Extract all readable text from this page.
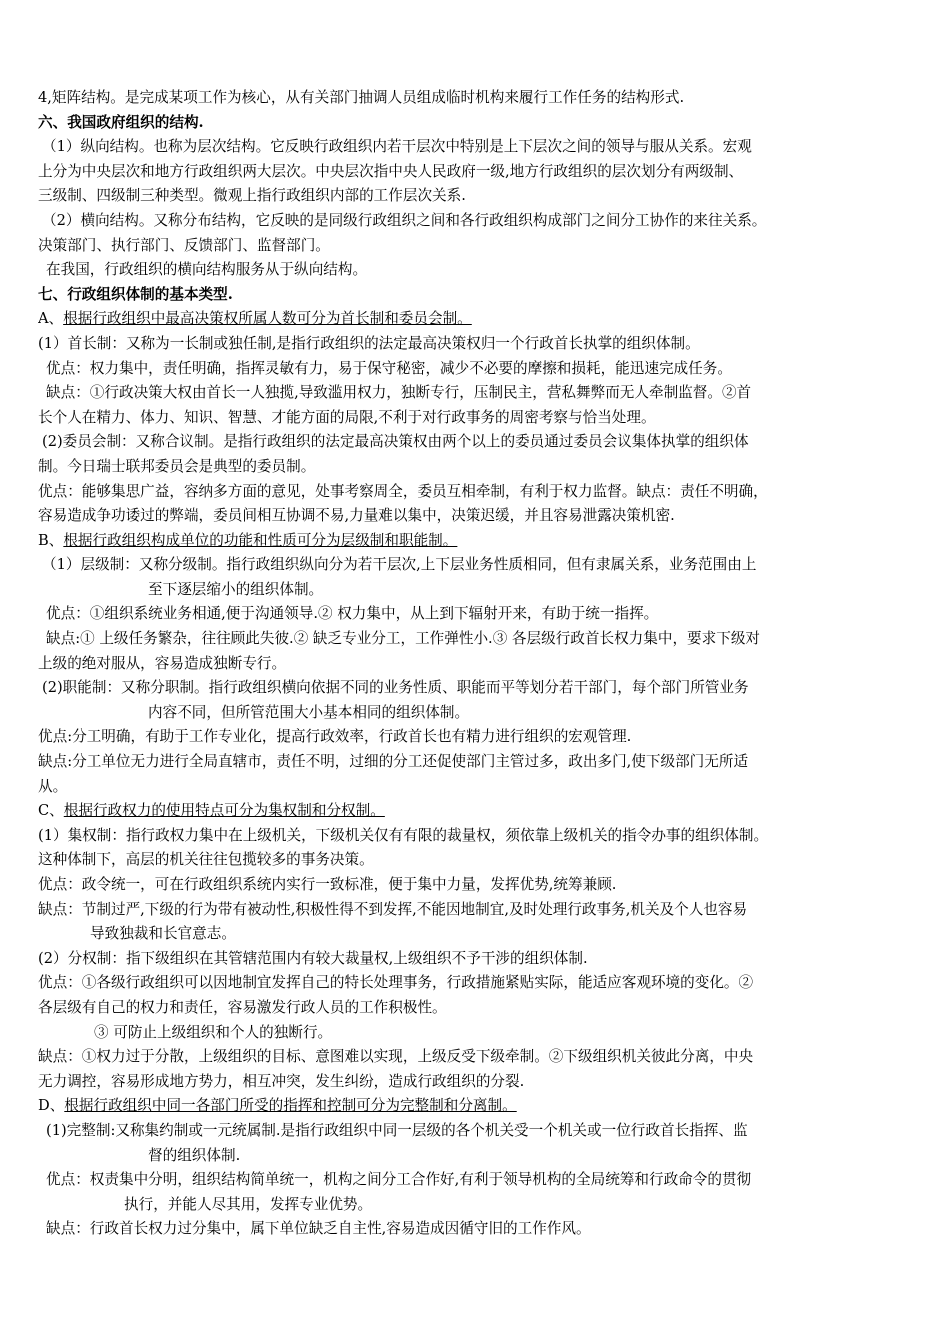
4,矩阵结构。是完成某项工作为核心，从有关部门抽调人员组成临时机构来履行工作任务的结构形式.
六、我国政府组织的结构.
（1）纵向结构。也称为层次结构。它反映行政组织内若干层次中特别是上下层次之间的领导与服从关系。宏观
上分为中央层次和地方行政组织两大层次。中央层次指中央人民政府一级,地方行政组织的层次划分有两级制、
三级制、四级制三种类型。微观上指行政组织内部的工作层次关系.
（2）横向结构。又称分布结构，它反映的是同级行政组织之间和各行政组织构成部门之间分工协作的来往关系。
决策部门、执行部门、反馈部门、监督部门。
在我国，行政组织的横向结构服务从于纵向结构。
七、行政组织体制的基本类型.
A、根据行政组织中最高决策权所属人数可分为首长制和委员会制。
(1）首长制：又称为一长制或独任制,是指行政组织的法定最高决策权归一个行政首长执掌的组织体制。
优点：权力集中，责任明确，指挥灵敏有力，易于保守秘密，减少不必要的摩擦和损耗，能迅速完成任务。
缺点：①行政决策大权由首长一人独揽,导致滥用权力，独断专行，压制民主，营私舞弊而无人牵制监督。②首
长个人在精力、体力、知识、智慧、才能方面的局限,不利于对行政事务的周密考察与恰当处理。
(2)委员会制：又称合议制。是指行政组织的法定最高决策权由两个以上的委员通过委员会议集体执掌的组织体
制。今日瑞士联邦委员会是典型的委员制。
优点：能够集思广益，容纳多方面的意见，处事考察周全，委员互相牵制，有利于权力监督。缺点：责任不明确，
容易造成争功诿过的弊端，委员间相互协调不易,力量难以集中，决策迟缓，并且容易泄露决策机密.
B、根据行政组织构成单位的功能和性质可分为层级制和职能制。
（1）层级制：又称分级制。指行政组织纵向分为若干层次,上下层业务性质相同，但有隶属关系，业务范围由上
至下逐层缩小的组织体制。
优点：①组织系统业务相通,便于沟通领导.② 权力集中，从上到下辐射开来，有助于统一指挥。
缺点:① 上级任务繁杂，往往顾此失彼.② 缺乏专业分工，工作弹性小.③ 各层级行政首长权力集中，要求下级对
上级的绝对服从，容易造成独断专行。
(2)职能制：又称分职制。指行政组织横向依据不同的业务性质、职能而平等划分若干部门，每个部门所管业务
内容不同，但所管范围大小基本相同的组织体制。
优点:分工明确，有助于工作专业化，提高行政效率，行政首长也有精力进行组织的宏观管理.
缺点:分工单位无力进行全局直辖市，责任不明，过细的分工还促使部门主管过多，政出多门,使下级部门无所适
从。
C、根据行政权力的使用特点可分为集权制和分权制。
(1）集权制：指行政权力集中在上级机关，下级机关仅有有限的裁量权，须依靠上级机关的指令办事的组织体制。
这种体制下，高层的机关往往包揽较多的事务决策。
优点：政令统一，可在行政组织系统内实行一致标准，便于集中力量，发挥优势,统筹兼顾.
缺点：节制过严,下级的行为带有被动性,积极性得不到发挥,不能因地制宜,及时处理行政事务,机关及个人也容易
导致独裁和长官意志。
(2）分权制：指下级组织在其管辖范围内有较大裁量权,上级组织不予干涉的组织体制.
优点：①各级行政组织可以因地制宜发挥自己的特长处理事务，行政措施紧贴实际，能适应客观环境的变化。②
各层级有自己的权力和责任，容易激发行政人员的工作积极性。
③ 可防止上级组织和个人的独断行。
缺点：①权力过于分散，上级组织的目标、意图难以实现，上级反受下级牵制。②下级组织机关彼此分离，中央
无力调控，容易形成地方势力，相互冲突，发生纠纷，造成行政组织的分裂.
D、根据行政组织中同一各部门所受的指挥和控制可分为完整制和分离制。
(1)完整制:又称集约制或一元统属制.是指行政组织中同一层级的各个机关受一个机关或一位行政首长指挥、监
督的组织体制.
优点：权责集中分明，组织结构简单统一，机构之间分工合作好,有利于领导机构的全局统筹和行政命令的贯彻
执行，并能人尽其用，发挥专业优势。
缺点：行政首长权力过分集中，属下单位缺乏自主性,容易造成因循守旧的工作作风。
